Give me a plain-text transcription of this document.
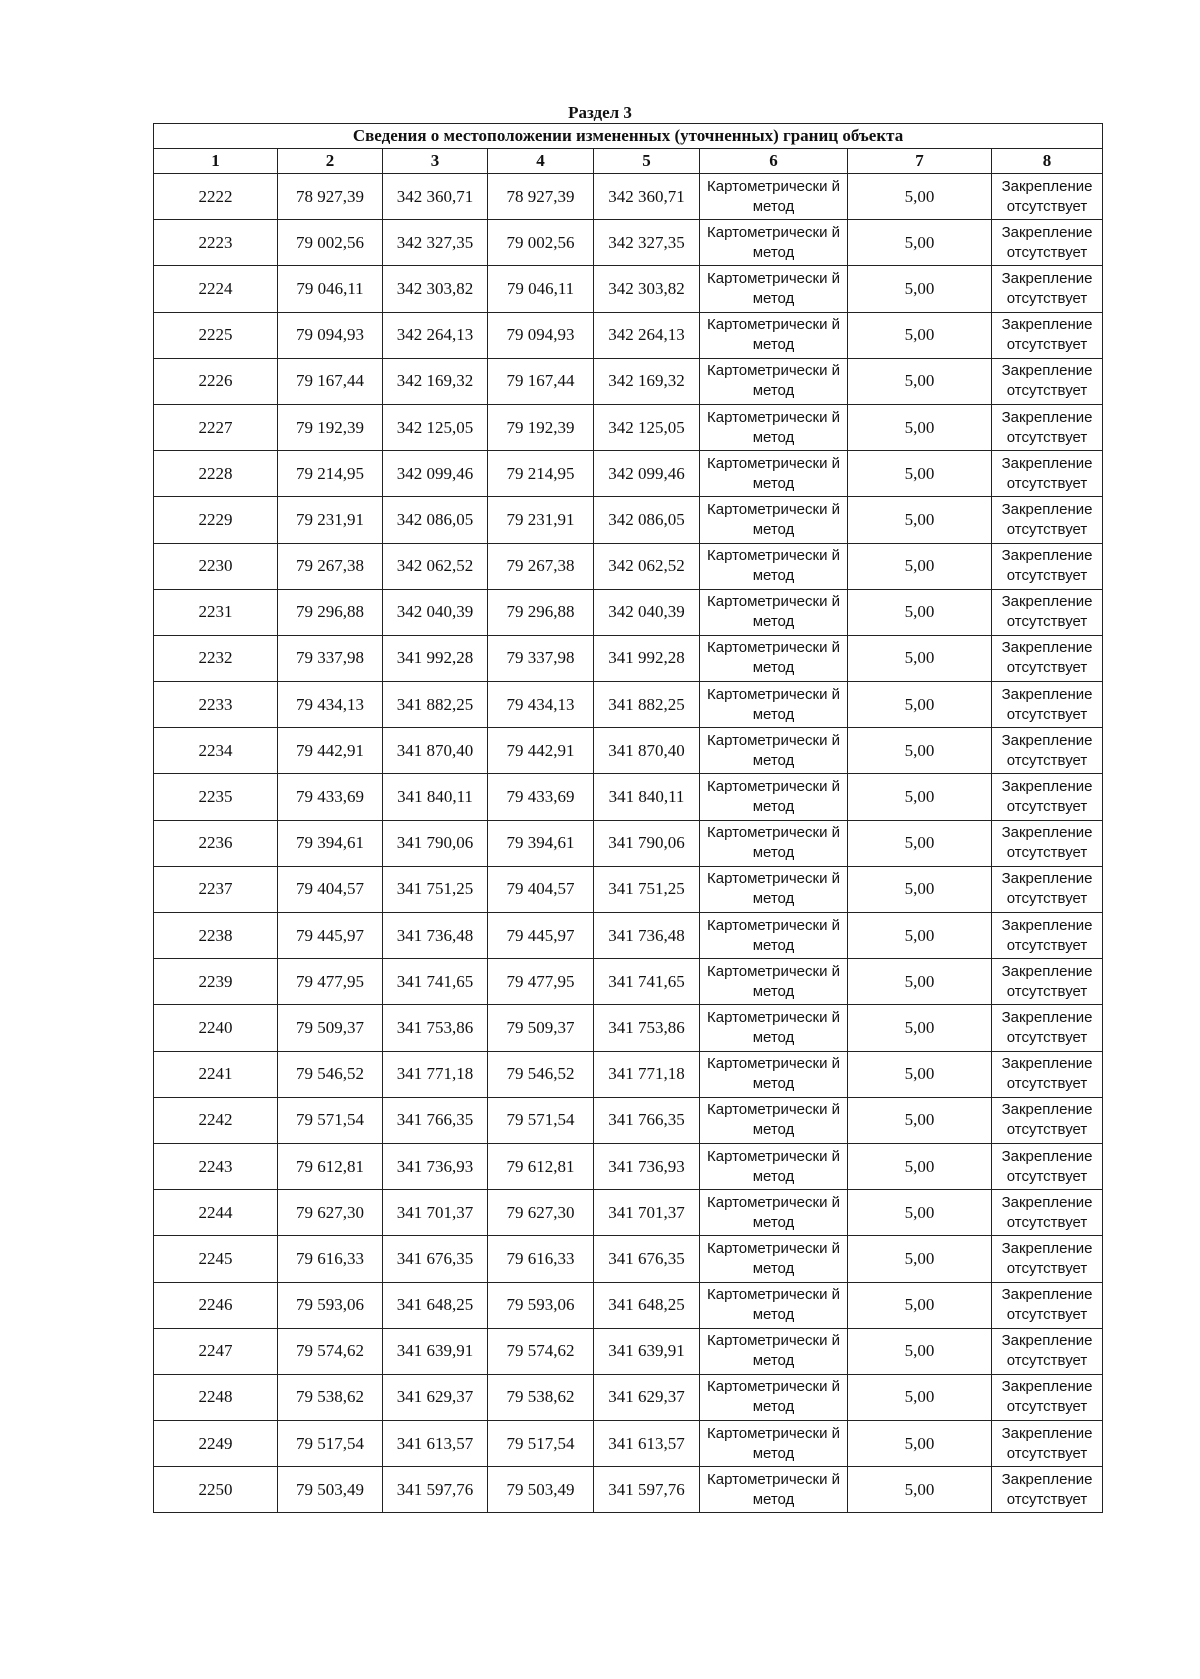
Раздел 3
Сведения о местоположении измененных (уточненных) границ объекта							
1	2	3	4	5	6	7	8
2222	78 927,39	342 360,71	78 927,39	342 360,71	Картометрически й метод	5,00	Закрепление отсутствует
2223	79 002,56	342 327,35	79 002,56	342 327,35	Картометрически й метод	5,00	Закрепление отсутствует
2224	79 046,11	342 303,82	79 046,11	342 303,82	Картометрически й метод	5,00	Закрепление отсутствует
2225	79 094,93	342 264,13	79 094,93	342 264,13	Картометрически й метод	5,00	Закрепление отсутствует
2226	79 167,44	342 169,32	79 167,44	342 169,32	Картометрически й метод	5,00	Закрепление отсутствует
2227	79 192,39	342 125,05	79 192,39	342 125,05	Картометрически й метод	5,00	Закрепление отсутствует
2228	79 214,95	342 099,46	79 214,95	342 099,46	Картометрически й метод	5,00	Закрепление отсутствует
2229	79 231,91	342 086,05	79 231,91	342 086,05	Картометрически й метод	5,00	Закрепление отсутствует
2230	79 267,38	342 062,52	79 267,38	342 062,52	Картометрически й метод	5,00	Закрепление отсутствует
2231	79 296,88	342 040,39	79 296,88	342 040,39	Картометрически й метод	5,00	Закрепление отсутствует
2232	79 337,98	341 992,28	79 337,98	341 992,28	Картометрически й метод	5,00	Закрепление отсутствует
2233	79 434,13	341 882,25	79 434,13	341 882,25	Картометрически й метод	5,00	Закрепление отсутствует
2234	79 442,91	341 870,40	79 442,91	341 870,40	Картометрически й метод	5,00	Закрепление отсутствует
2235	79 433,69	341 840,11	79 433,69	341 840,11	Картометрически й метод	5,00	Закрепление отсутствует
2236	79 394,61	341 790,06	79 394,61	341 790,06	Картометрически й метод	5,00	Закрепление отсутствует
2237	79 404,57	341 751,25	79 404,57	341 751,25	Картометрически й метод	5,00	Закрепление отсутствует
2238	79 445,97	341 736,48	79 445,97	341 736,48	Картометрически й метод	5,00	Закрепление отсутствует
2239	79 477,95	341 741,65	79 477,95	341 741,65	Картометрически й метод	5,00	Закрепление отсутствует
2240	79 509,37	341 753,86	79 509,37	341 753,86	Картометрически й метод	5,00	Закрепление отсутствует
2241	79 546,52	341 771,18	79 546,52	341 771,18	Картометрически й метод	5,00	Закрепление отсутствует
2242	79 571,54	341 766,35	79 571,54	341 766,35	Картометрически й метод	5,00	Закрепление отсутствует
2243	79 612,81	341 736,93	79 612,81	341 736,93	Картометрически й метод	5,00	Закрепление отсутствует
2244	79 627,30	341 701,37	79 627,30	341 701,37	Картометрически й метод	5,00	Закрепление отсутствует
2245	79 616,33	341 676,35	79 616,33	341 676,35	Картометрически й метод	5,00	Закрепление отсутствует
2246	79 593,06	341 648,25	79 593,06	341 648,25	Картометрически й метод	5,00	Закрепление отсутствует
2247	79 574,62	341 639,91	79 574,62	341 639,91	Картометрически й метод	5,00	Закрепление отсутствует
2248	79 538,62	341 629,37	79 538,62	341 629,37	Картометрически й метод	5,00	Закрепление отсутствует
2249	79 517,54	341 613,57	79 517,54	341 613,57	Картометрически й метод	5,00	Закрепление отсутствует
2250	79 503,49	341 597,76	79 503,49	341 597,76	Картометрически й метод	5,00	Закрепление отсутствует
